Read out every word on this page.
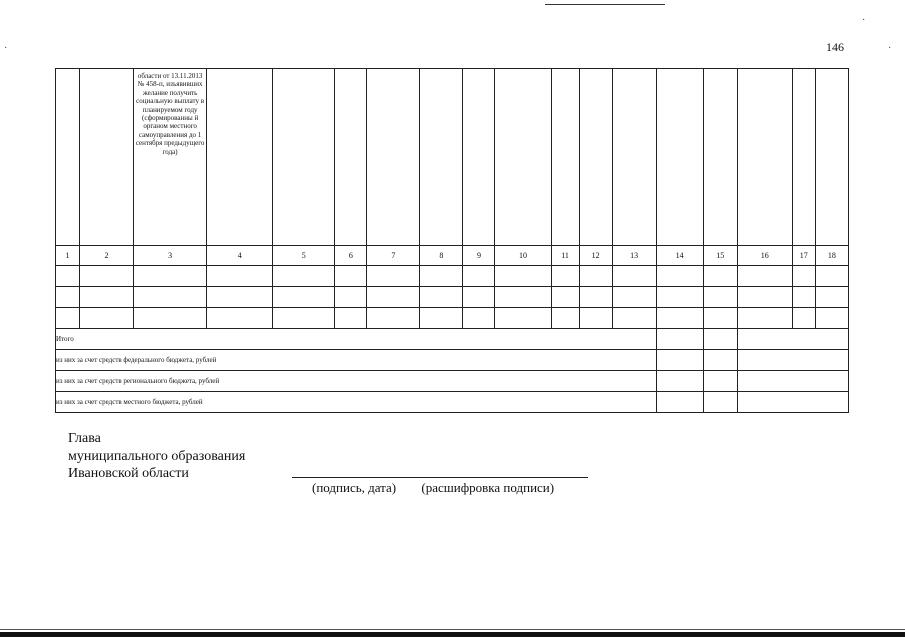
146	·
·
·

		области от 13.11.2013 № 458-п, изъявивших желание получить социальную выплату в планируемом году (сформированны й органом местного самоуправления до 1 сентября предыдущего года)															

1	2	3	4	5	6	7	8	9	10	11	12	13	14	15	16	17	18

Итого																	
из них за счет средств федерального бюджета, рублей																	
из них за счет средств регионального бюджета, рублей																	
из них за счет средств местного бюджета, рублей																	
Глава
муниципального образования
Ивановской области
(подпись, дата) (расшифровка подписи)
